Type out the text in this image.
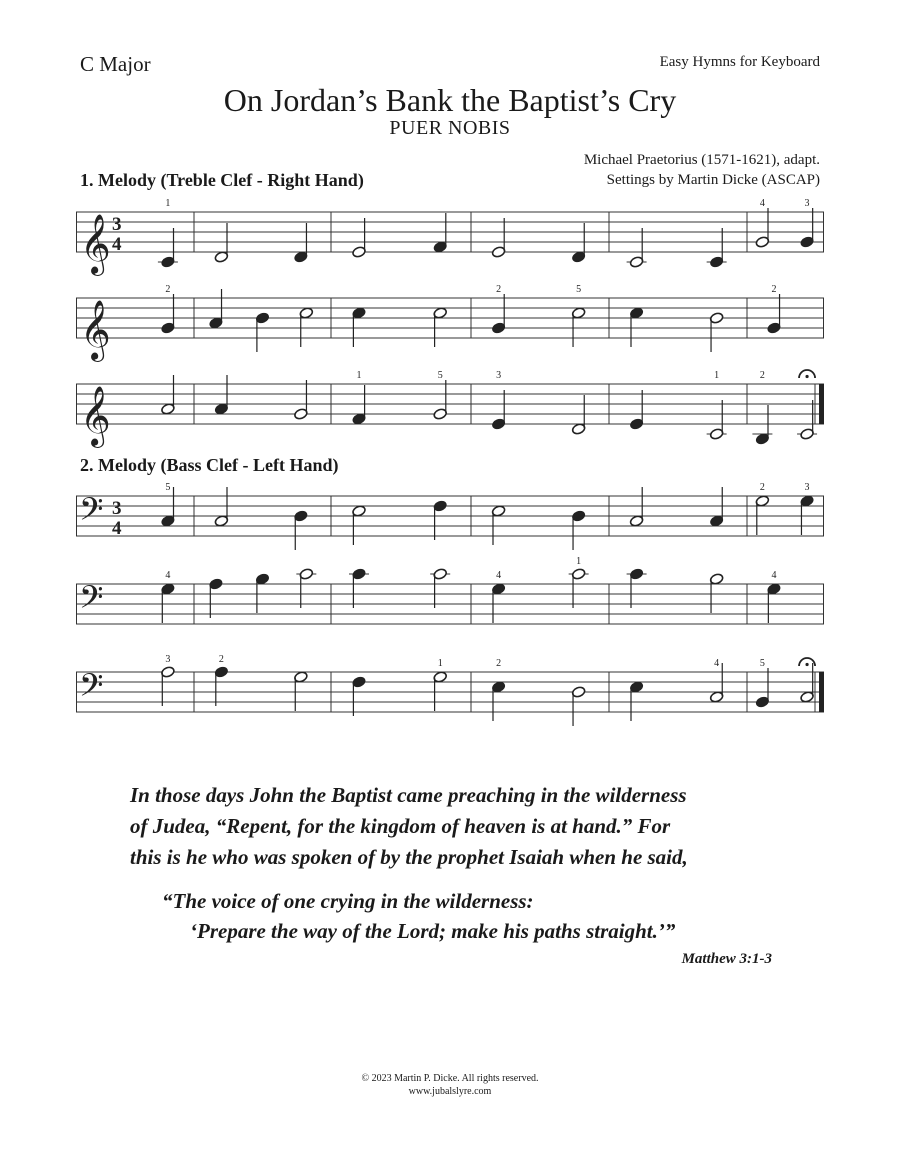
C Major	Easy Hymns for Keyboard
On Jordan’s Bank the Baptist’s Cry
PUER NOBIS
Michael Praetorius (1571-1621), adapt.
Settings by Martin Dicke (ASCAP)
1. Melody (Treble Clef - Right Hand)
𝄞 3
4
1	4	3
𝄞
2	2	5	2
𝄞
1	5	3	1	2
2. Melody (Bass Clef - Left Hand)
𝄢 3
4
5	2	3
𝄢
4	4
1
4
𝄢
3	2	1	2	4	5
In those days John the Baptist came preaching in the wilderness
of Judea, “Repent, for the kingdom of heaven is at hand.” For
this is he who was spoken of by the prophet Isaiah when he said,
“The voice of one crying in the wilderness:
‘Prepare the way of the Lord; make his paths straight.’”
Matthew 3:1-3
© 2023 Martin P. Dicke. All rights reserved.
www.jubalslyre.com
